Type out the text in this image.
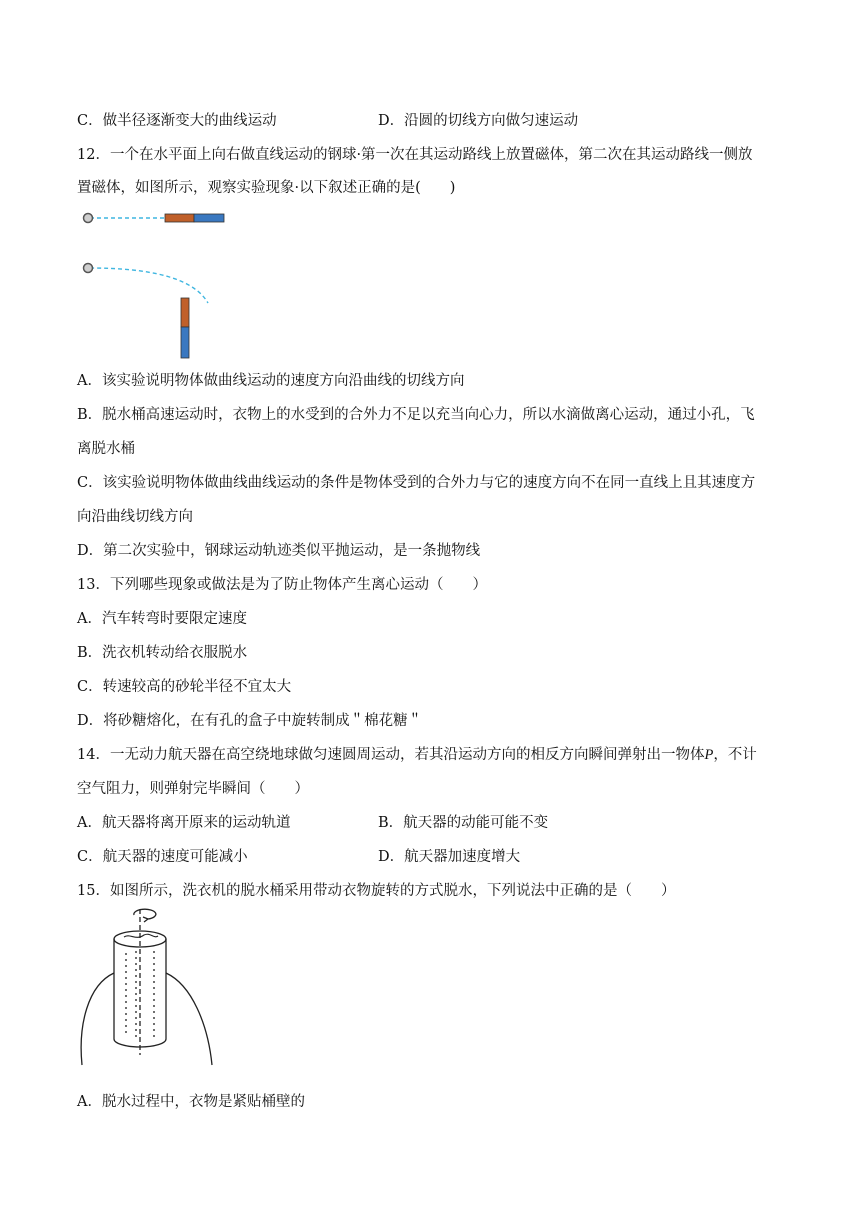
C．做半径逐渐变大的曲线运动	D．沿圆的切线方向做匀速运动
12．一个在水平面上向右做直线运动的钢球·第一次在其运动路线上放置磁体，第二次在其运动路线一侧放
置磁体，如图所示，观察实验现象·以下叙述正确的是(　　)
A．该实验说明物体做曲线运动的速度方向沿曲线的切线方向
B．脱水桶高速运动时，衣物上的水受到的合外力不足以充当向心力，所以水滴做离心运动，通过小孔，飞
离脱水桶
C．该实验说明物体做曲线曲线运动的条件是物体受到的合外力与它的速度方向不在同一直线上且其速度方
向沿曲线切线方向
D．第二次实验中，钢球运动轨迹类似平抛运动，是一条抛物线
13．下列哪些现象或做法是为了防止物体产生离心运动（　　）
A．汽车转弯时要限定速度
B．洗衣机转动给衣服脱水
C．转速较高的砂轮半径不宜太大
D．将砂糖熔化，在有孔的盒子中旋转制成＂棉花糖＂
14．一无动力航天器在高空绕地球做匀速圆周运动，若其沿运动方向的相反方向瞬间弹射出一物体P，不计
空气阻力，则弹射完毕瞬间（　　）
A．航天器将离开原来的运动轨道	B．航天器的动能可能不变
C．航天器的速度可能减小	D．航天器加速度增大
15．如图所示，洗衣机的脱水桶采用带动衣物旋转的方式脱水，下列说法中正确的是（　　）
A．脱水过程中，衣物是紧贴桶壁的
